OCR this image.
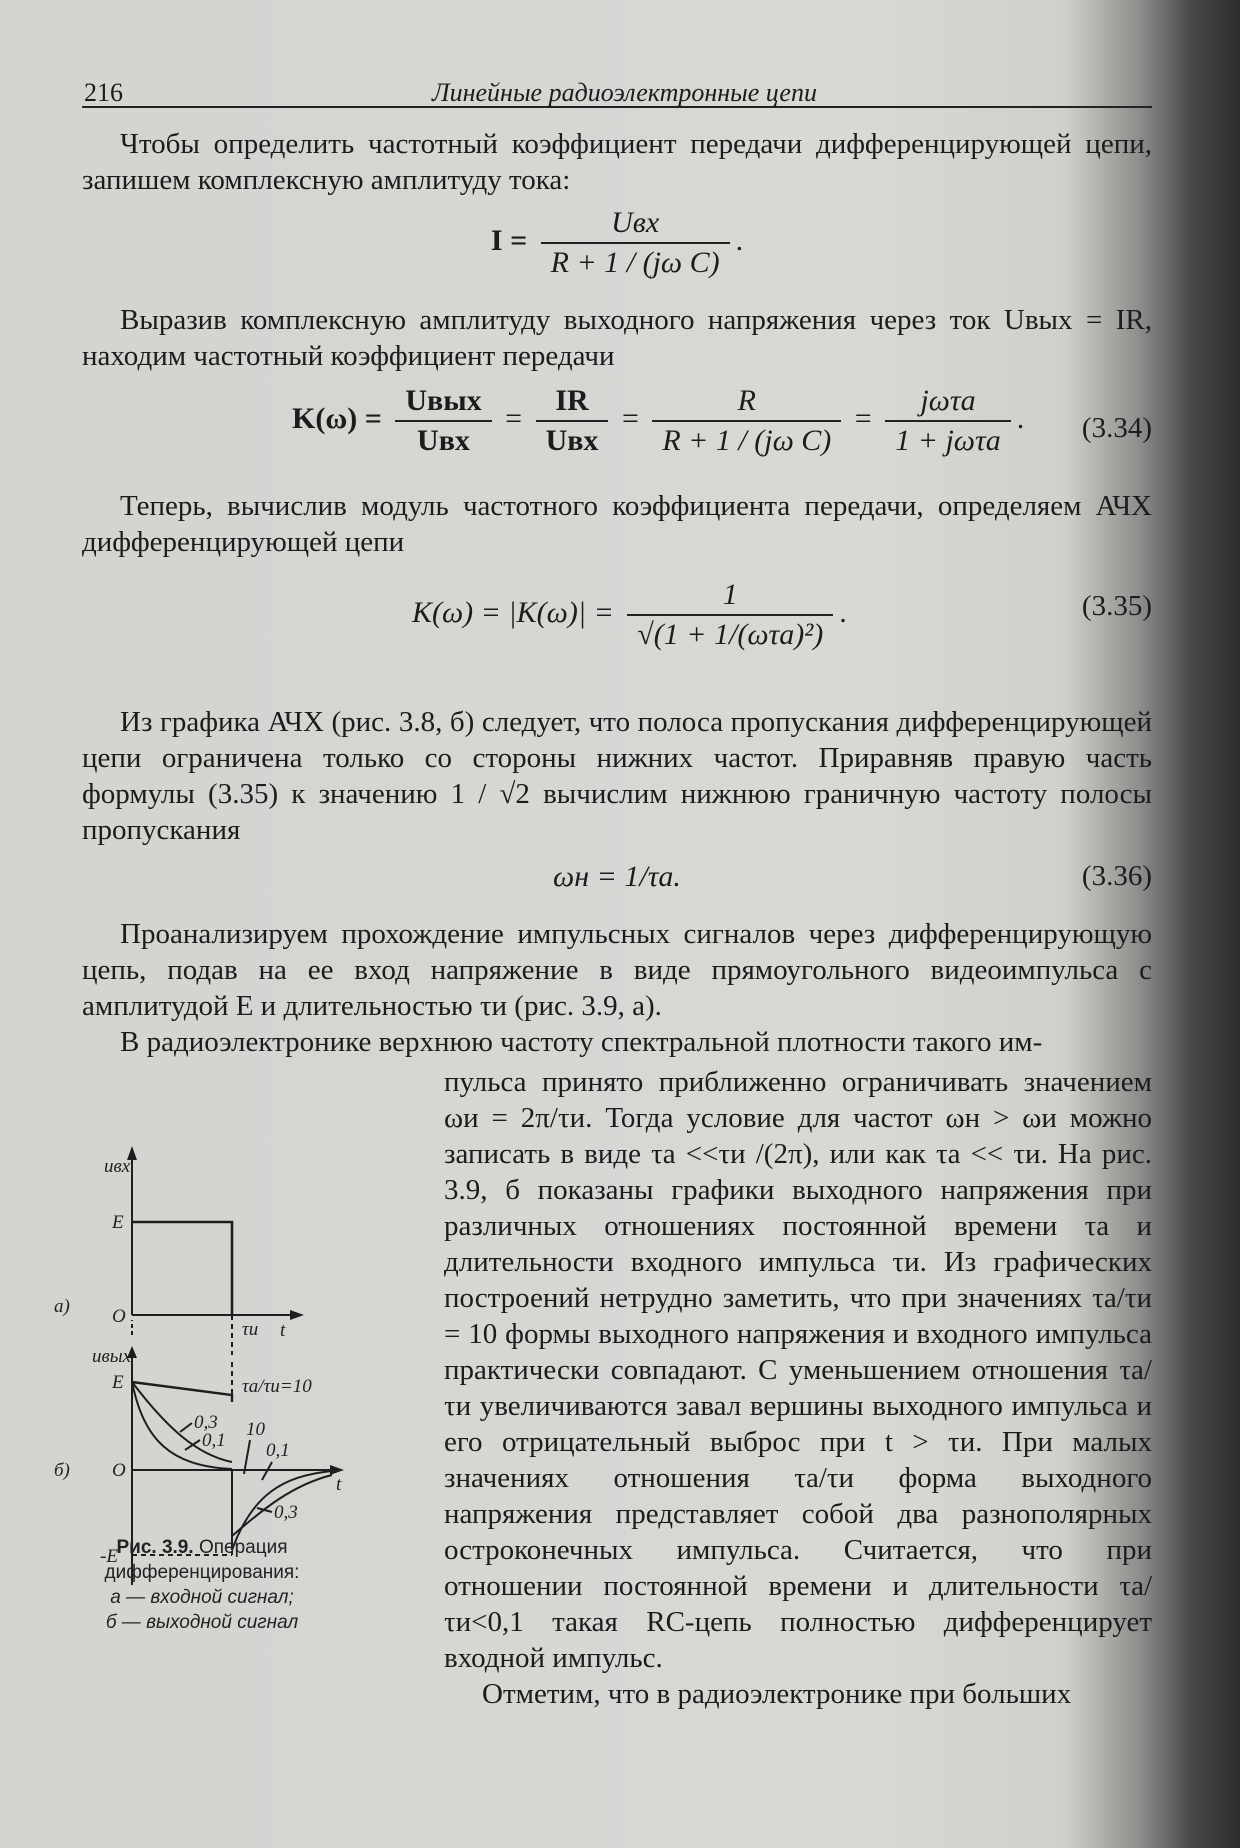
216	Линейные радиоэлектронные цепи

Чтобы определить частотный коэффициент передачи дифференцирующей цепи, запишем комплексную амплитуду тока:

$I = \frac{\text{Uвх}}{\text{R + 1 / (jω C)}}$ .

Выразив комплексную амплитуду выходного напряжения через ток Uвых = IR, находим частотный коэффициент передачи

$K(\omega) = \frac{\text{Uвых}}{\text{Uвх}} = \frac{IR}{\text{Uвх}} = \frac{R}{\text{R + 1 / (jω C)}} = \frac{\text{jωτa}}{\text{1 + jωτa}}$ . (3.34)

Теперь, вычислив модуль частотного коэффициента передачи, определяем АЧХ дифференцирующей цепи

$K(\omega) = |K(\omega)| = \frac{1}{\text{√(1 + 1/(ωτa)²)}}$ .	(3.35)

Из графика АЧХ (рис. 3.8, б) следует, что полоса пропускания дифференцирующей цепи ограничена только со стороны нижних частот. Приравняв правую часть формулы (3.35) к значению 1 / √2 вычислим нижнюю граничную частоту полосы пропускания

ωн = 1/τa.	(3.36)

Проанализируем прохождение импульсных сигналов через дифференцирующую цепь, подав на ее вход напряжение в виде прямоугольного видеоимпульса с амплитудой E и длительностью τи (рис. 3.9, а).

В радиоэлектронике верхнюю частоту спектральной плотности такого им-

пульса принято приближенно ограничивать значением ωи = 2π/τи. Тогда условие для частот ωн > ωи можно записать в виде τa <<τи /(2π), или как τa << τи. На рис. 3.9, б показаны графики выходного напряжения при различных отношениях постоянной времени τa и длительности входного импульса τи. Из графических построений нетрудно заметить, что при значениях τa/τи = 10 формы выходного напряжения и входного импульса практически совпадают. С уменьшением отношения τa/τи увеличиваются завал вершины выходного импульса и его отрицательный выброс при t > τи. При малых значениях отношения τa/τи форма выходного напряжения представляет собой два разнополярных остроконечных импульса. Считается, что при отношении постоянной времени и длительности τa/τи<0,1 такая RC-цепь полностью дифференцирует входной импульс.

Отметим, что в радиоэлектронике при больших

uвх
E
O
t
τи
а)
uвых
E
O
t
б)
-E
τa/τи=10
0,3
0,1
10
0,1
0,3
Рис. 3.9. Операция
дифференцирования:
а — входной сигнал;
б — выходной сигнал
